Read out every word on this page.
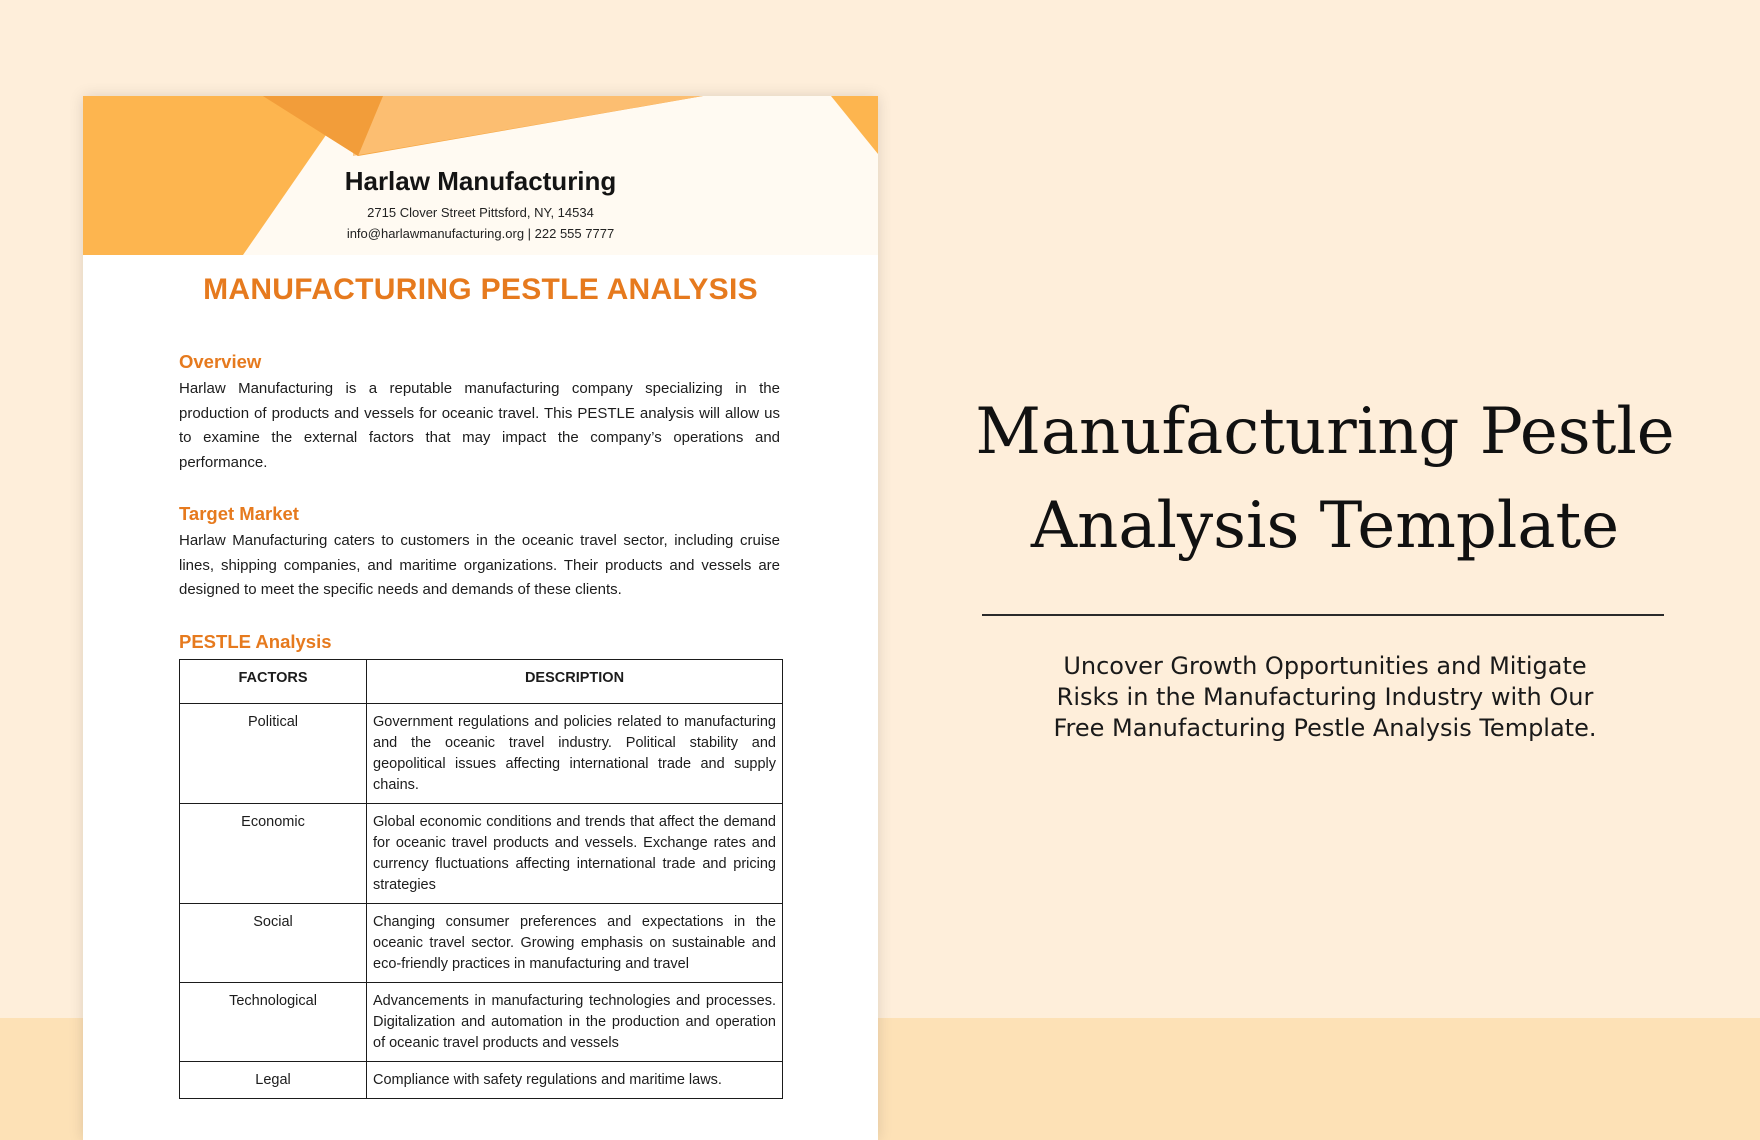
Harlaw Manufacturing
2715 Clover Street Pittsford, NY, 14534
info@harlawmanufacturing.org | 222 555 7777
MANUFACTURING PESTLE ANALYSIS
Overview
Harlaw Manufacturing is a reputable manufacturing company specializing in the production of products and vessels for oceanic travel. This PESTLE analysis will allow us to examine the external factors that may impact the company’s operations and performance.
Target Market
Harlaw Manufacturing caters to customers in the oceanic travel sector, including cruise lines, shipping companies, and maritime organizations. Their products and vessels are designed to meet the specific needs and demands of these clients.
PESTLE Analysis
FACTORS	DESCRIPTION
Political	Government regulations and policies related to manufacturing and the oceanic travel industry. Political stability and geopolitical issues affecting international trade and supply chains.
Economic	Global economic conditions and trends that affect the demand for oceanic travel products and vessels. Exchange rates and currency fluctuations affecting international trade and pricing strategies
Social	Changing consumer preferences and expectations in the oceanic travel sector. Growing emphasis on sustainable and eco-friendly practices in manufacturing and travel
Technological	Advancements in manufacturing technologies and processes. Digitalization and automation in the production and operation of oceanic travel products and vessels
Legal	Compliance with safety regulations and maritime laws.
Manufacturing Pestle
Analysis Template
Uncover Growth Opportunities and Mitigate
Risks in the Manufacturing Industry with Our
Free Manufacturing Pestle Analysis Template.
